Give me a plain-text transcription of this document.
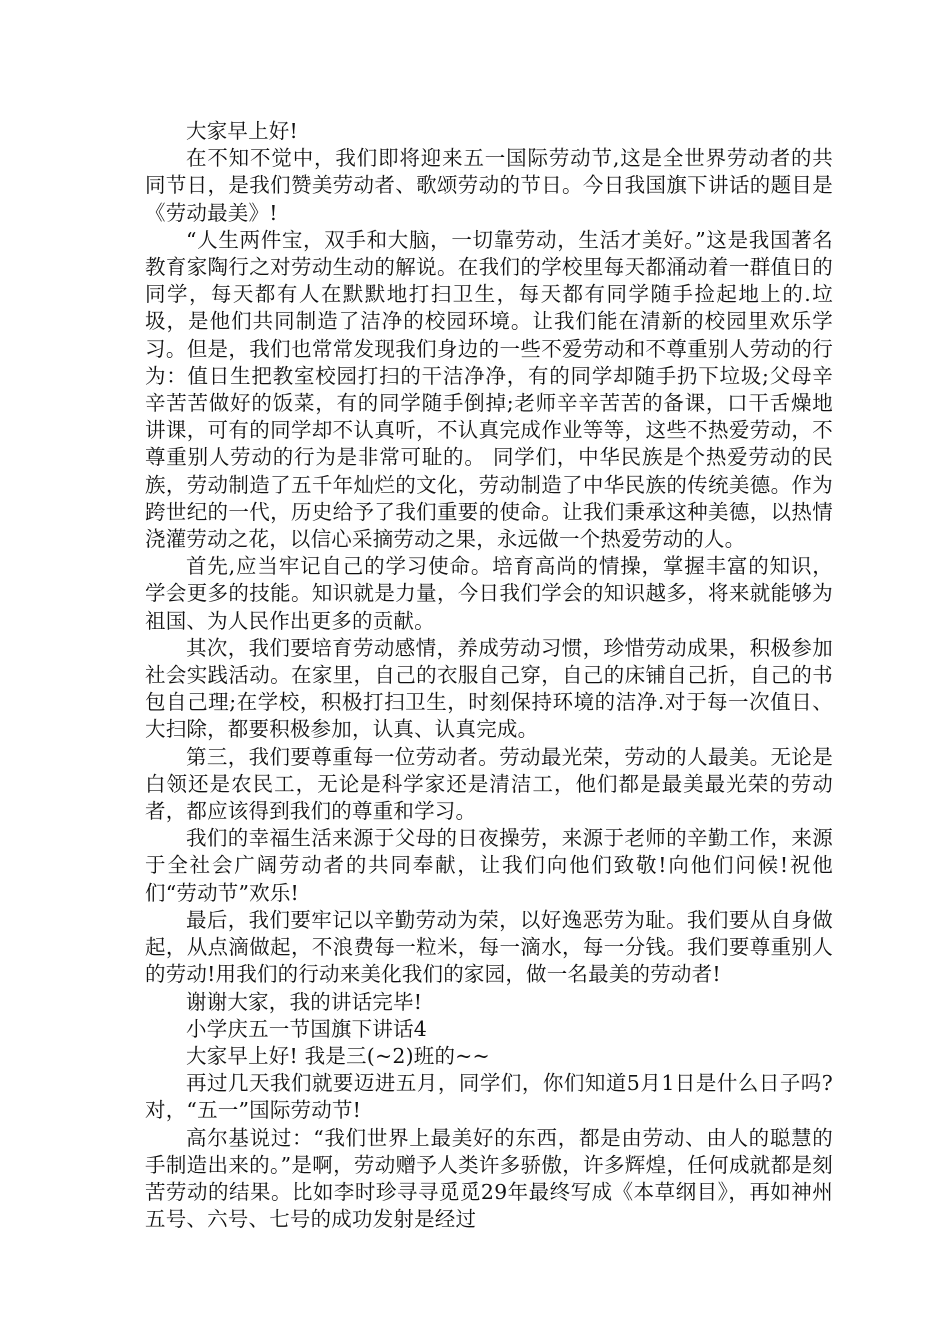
大家早上好!

在不知不觉中，我们即将迎来五一国际劳动节,这是全世界劳动者的共同节日，是我们赞美劳动者、歌颂劳动的节日。今日我国旗下讲话的题目是《劳动最美》!

“人生两件宝，双手和大脑，一切靠劳动，生活才美好。”这是我国著名教育家陶行之对劳动生动的解说。在我们的学校里每天都涌动着一群值日的同学，每天都有人在默默地打扫卫生，每天都有同学随手捡起地上的.垃圾，是他们共同制造了洁净的校园环境。让我们能在清新的校园里欢乐学习。但是，我们也常常发现我们身边的一些不爱劳动和不尊重别人劳动的行为：值日生把教室校园打扫的干洁净净，有的同学却随手扔下垃圾;父母辛辛苦苦做好的饭菜，有的同学随手倒掉;老师辛辛苦苦的备课，口干舌燥地讲课，可有的同学却不认真听，不认真完成作业等等，这些不热爱劳动，不尊重别人劳动的行为是非常可耻的。 同学们，中华民族是个热爱劳动的民族，劳动制造了五千年灿烂的文化，劳动制造了中华民族的传统美德。作为跨世纪的一代，历史给予了我们重要的使命。让我们秉承这种美德，以热情浇灌劳动之花，以信心采摘劳动之果，永远做一个热爱劳动的人。

首先,应当牢记自己的学习使命。培育高尚的情操，掌握丰富的知识，学会更多的技能。知识就是力量，今日我们学会的知识越多，将来就能够为祖国、为人民作出更多的贡献。

其次，我们要培育劳动感情，养成劳动习惯，珍惜劳动成果，积极参加社会实践活动。在家里，自己的衣服自己穿，自己的床铺自己折，自己的书包自己理;在学校，积极打扫卫生，时刻保持环境的洁净.对于每一次值日、大扫除，都要积极参加，认真、认真完成。

第三，我们要尊重每一位劳动者。劳动最光荣，劳动的人最美。无论是白领还是农民工，无论是科学家还是清洁工，他们都是最美最光荣的劳动者，都应该得到我们的尊重和学习。

我们的幸福生活来源于父母的日夜操劳，来源于老师的辛勤工作，来源于全社会广阔劳动者的共同奉献，让我们向他们致敬!向他们问候!祝他们“劳动节”欢乐!

最后，我们要牢记以辛勤劳动为荣，以好逸恶劳为耻。我们要从自身做起，从点滴做起，不浪费每一粒米，每一滴水，每一分钱。我们要尊重别人的劳动!用我们的行动来美化我们的家园，做一名最美的劳动者!

谢谢大家，我的讲话完毕!

小学庆五一节国旗下讲话4

大家早上好! 我是三(~2)班的~~

再过几天我们就要迈进五月，同学们，你们知道5月1日是什么日子吗?对，“五一”国际劳动节!

高尔基说过：“我们世界上最美好的东西，都是由劳动、由人的聪慧的手制造出来的。”是啊，劳动赠予人类许多骄傲，许多辉煌，任何成就都是刻苦劳动的结果。比如李时珍寻寻觅觅29年最终写成《本草纲目》，再如神州五号、六号、七号的成功发射是经过
